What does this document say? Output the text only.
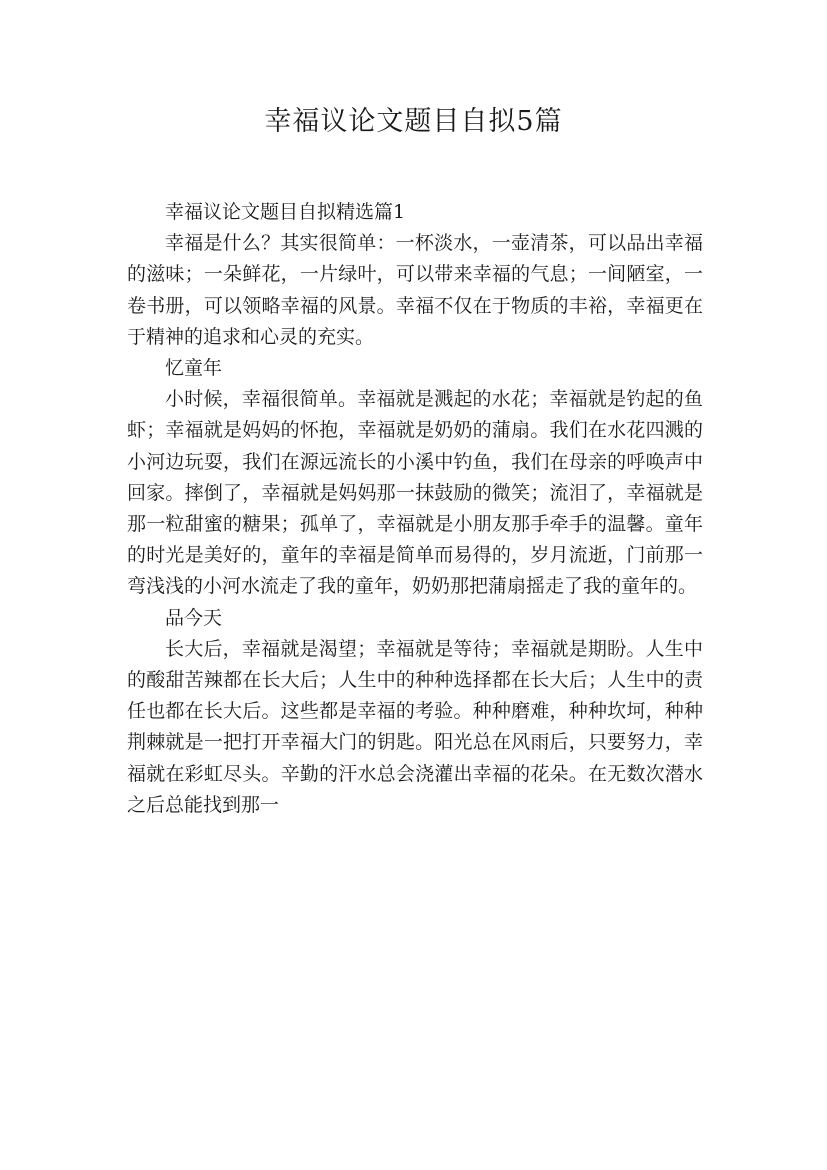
幸福议论文题目自拟5篇

幸福议论文题目自拟精选篇1

幸福是什么？其实很简单：一杯淡水，一壶清茶，可以品出幸福的滋味；一朵鲜花，一片绿叶，可以带来幸福的气息；一间陋室，一卷书册，可以领略幸福的风景。幸福不仅在于物质的丰裕，幸福更在于精神的追求和心灵的充实。

忆童年

小时候，幸福很简单。幸福就是溅起的水花；幸福就是钓起的鱼虾；幸福就是妈妈的怀抱，幸福就是奶奶的蒲扇。我们在水花四溅的小河边玩耍，我们在源远流长的小溪中钓鱼，我们在母亲的呼唤声中回家。摔倒了，幸福就是妈妈那一抹鼓励的微笑；流泪了，幸福就是那一粒甜蜜的糖果；孤单了，幸福就是小朋友那手牵手的温馨。童年的时光是美好的，童年的幸福是简单而易得的，岁月流逝，门前那一弯浅浅的小河水流走了我的童年，奶奶那把蒲扇摇走了我的童年的。

品今天

长大后，幸福就是渴望；幸福就是等待；幸福就是期盼。人生中的酸甜苦辣都在长大后；人生中的种种选择都在长大后；人生中的责任也都在长大后。这些都是幸福的考验。种种磨难，种种坎坷，种种荆棘就是一把打开幸福大门的钥匙。阳光总在风雨后，只要努力，幸福就在彩虹尽头。辛勤的汗水总会浇灌出幸福的花朵。在无数次潜水之后总能找到那一
